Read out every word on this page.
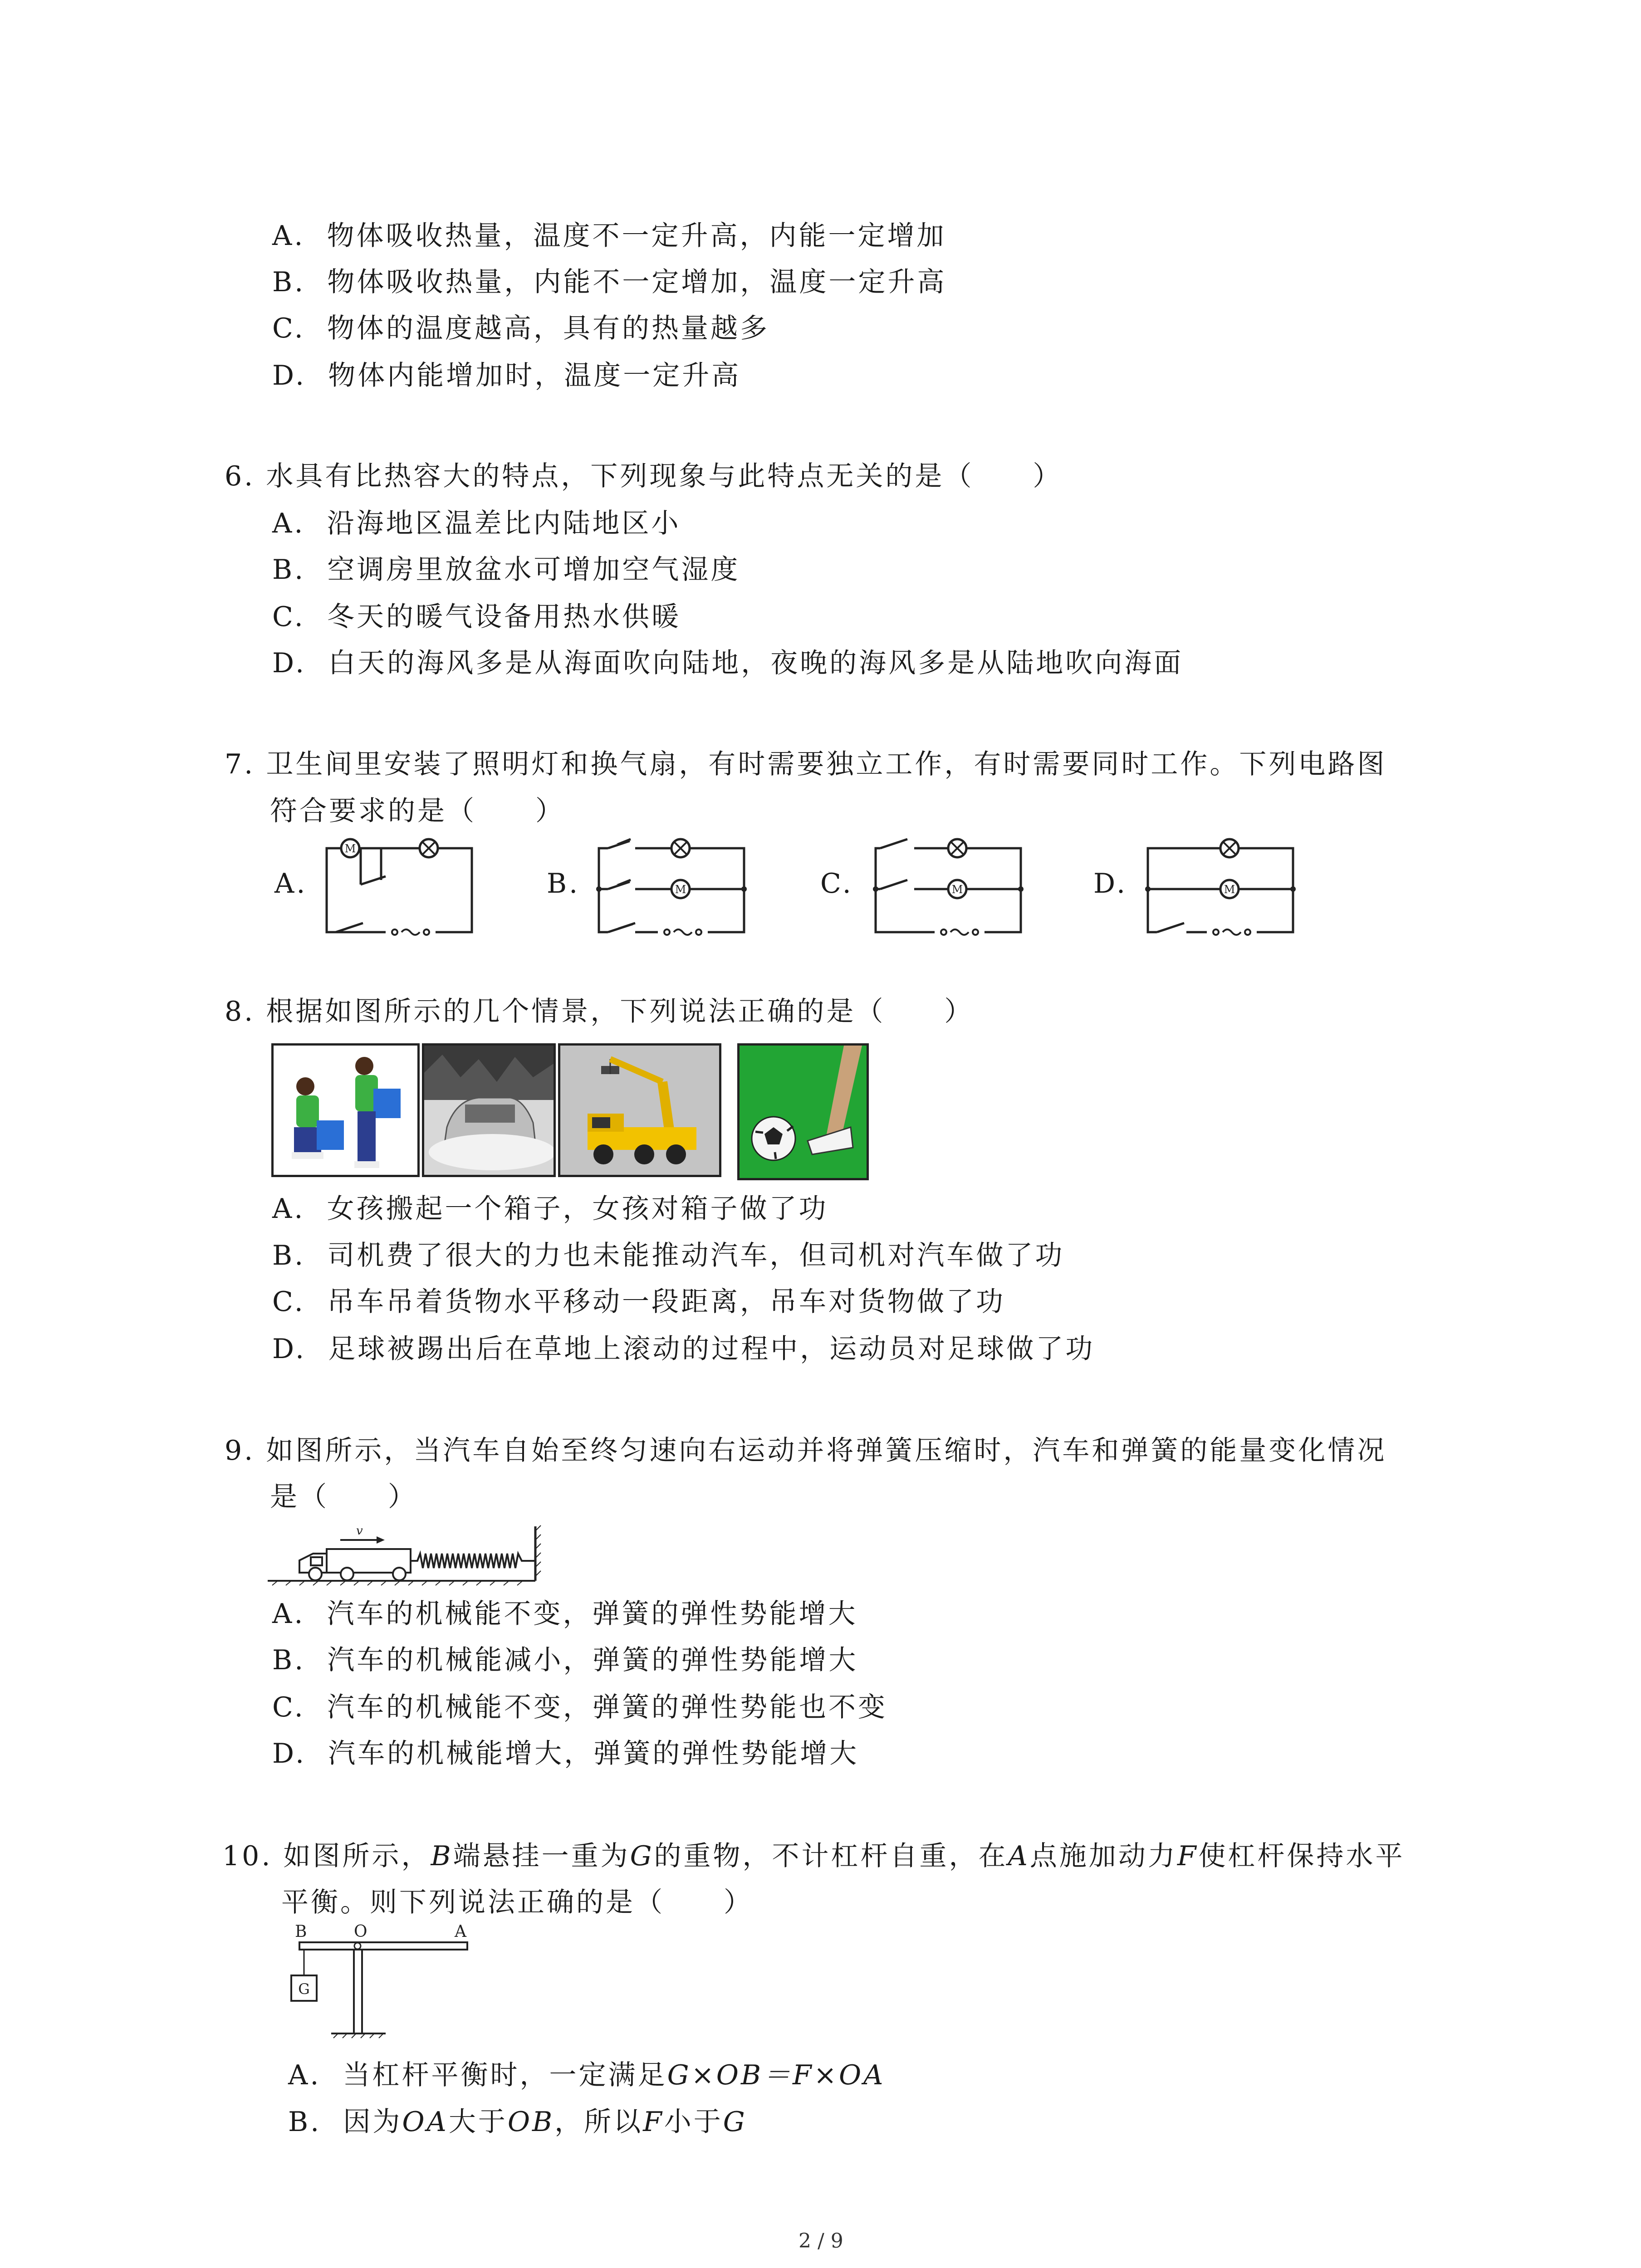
A. 物体吸收热量，温度不一定升高，内能一定增加
B. 物体吸收热量，内能不一定增加，温度一定升高
C. 物体的温度越高，具有的热量越多
D. 物体内能增加时，温度一定升高
6. 水具有比热容大的特点，下列现象与此特点无关的是（　　）
A. 沿海地区温差比内陆地区小
B. 空调房里放盆水可增加空气湿度
C. 冬天的暖气设备用热水供暖
D. 白天的海风多是从海面吹向陆地，夜晚的海风多是从陆地吹向海面
7. 卫生间里安装了照明灯和换气扇，有时需要独立工作，有时需要同时工作。下列电路图
符合要求的是（　　）
A.	B.	C.	D.
M
M	M	M
8. 根据如图所示的几个情景，下列说法正确的是（　　）
A. 女孩搬起一个箱子，女孩对箱子做了功
B. 司机费了很大的力也未能推动汽车，但司机对汽车做了功
C. 吊车吊着货物水平移动一段距离，吊车对货物做了功
D. 足球被踢出后在草地上滚动的过程中，运动员对足球做了功
9. 如图所示，当汽车自始至终匀速向右运动并将弹簧压缩时，汽车和弹簧的能量变化情况
是（　　）
v
A. 汽车的机械能不变，弹簧的弹性势能增大
B. 汽车的机械能减小，弹簧的弹性势能增大
C. 汽车的机械能不变，弹簧的弹性势能也不变
D. 汽车的机械能增大，弹簧的弹性势能增大
10. 如图所示，B端悬挂一重为G的重物，不计杠杆自重，在A点施加动力F使杠杆保持水平
平衡。则下列说法正确的是（　　）
B	O	A
G
A. 当杠杆平衡时，一定满足G×OB＝F×OA
B. 因为OA大于OB，所以F小于G
2 / 9
